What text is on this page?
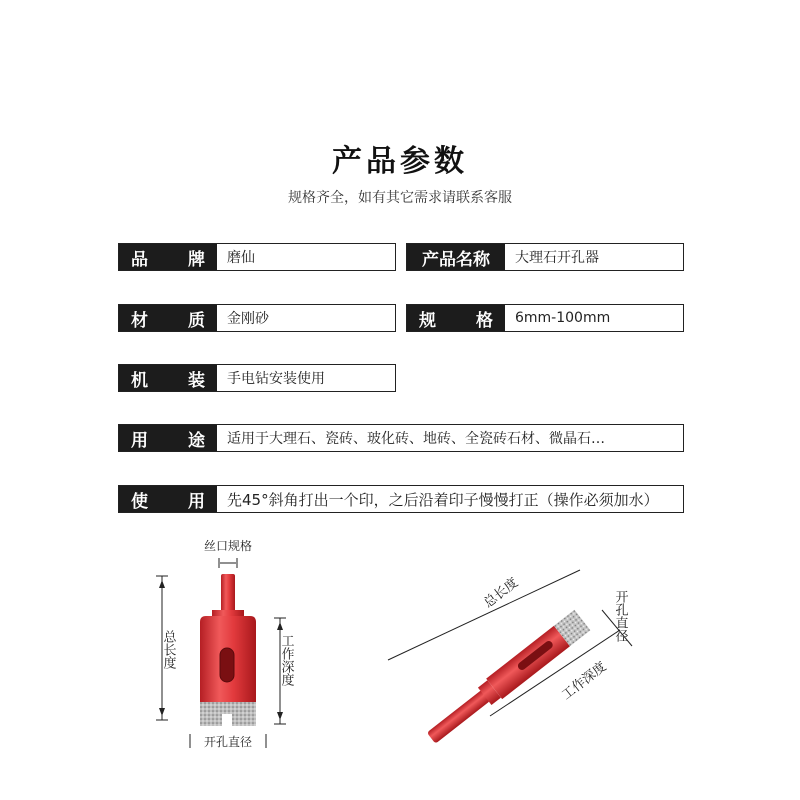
产品参数
规格齐全，如有其它需求请联系客服
品 牌	磨仙	产品名称	大理石开孔器
材 质	金刚砂	规 格	6mm-100mm
机 装	手电钻安装使用
用 途	适用于大理石、瓷砖、玻化砖、地砖、全瓷砖石材、微晶石…
使 用	先45°斜角打出一个印，之后沿着印子慢慢打正（操作必须加水）
丝口规格
总长度	工作深度
开孔直径
总长度
工作深度
开孔直径
